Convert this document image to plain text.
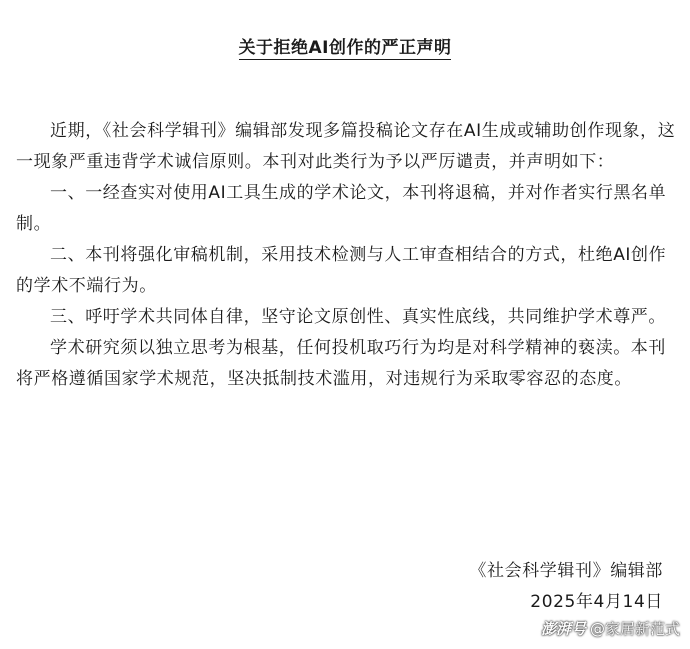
关于拒绝AI创作的严正声明

近期，《社会科学辑刊》编辑部发现多篇投稿论文存在AI生成或辅助创作现象，这一现象严重违背学术诚信原则。本刊对此类行为予以严厉谴责，并声明如下：

一、一经查实对使用AI工具生成的学术论文，本刊将退稿，并对作者实行黑名单制。

二、本刊将强化审稿机制，采用技术检测与人工审查相结合的方式，杜绝AI创作的学术不端行为。

三、呼吁学术共同体自律，坚守论文原创性、真实性底线，共同维护学术尊严。

学术研究须以独立思考为根基，任何投机取巧行为均是对科学精神的亵渎。本刊将严格遵循国家学术规范，坚决抵制技术滥用，对违规行为采取零容忍的态度。

《社会科学辑刊》编辑部
2025年4月14日
澎湃号 @家居新范式
